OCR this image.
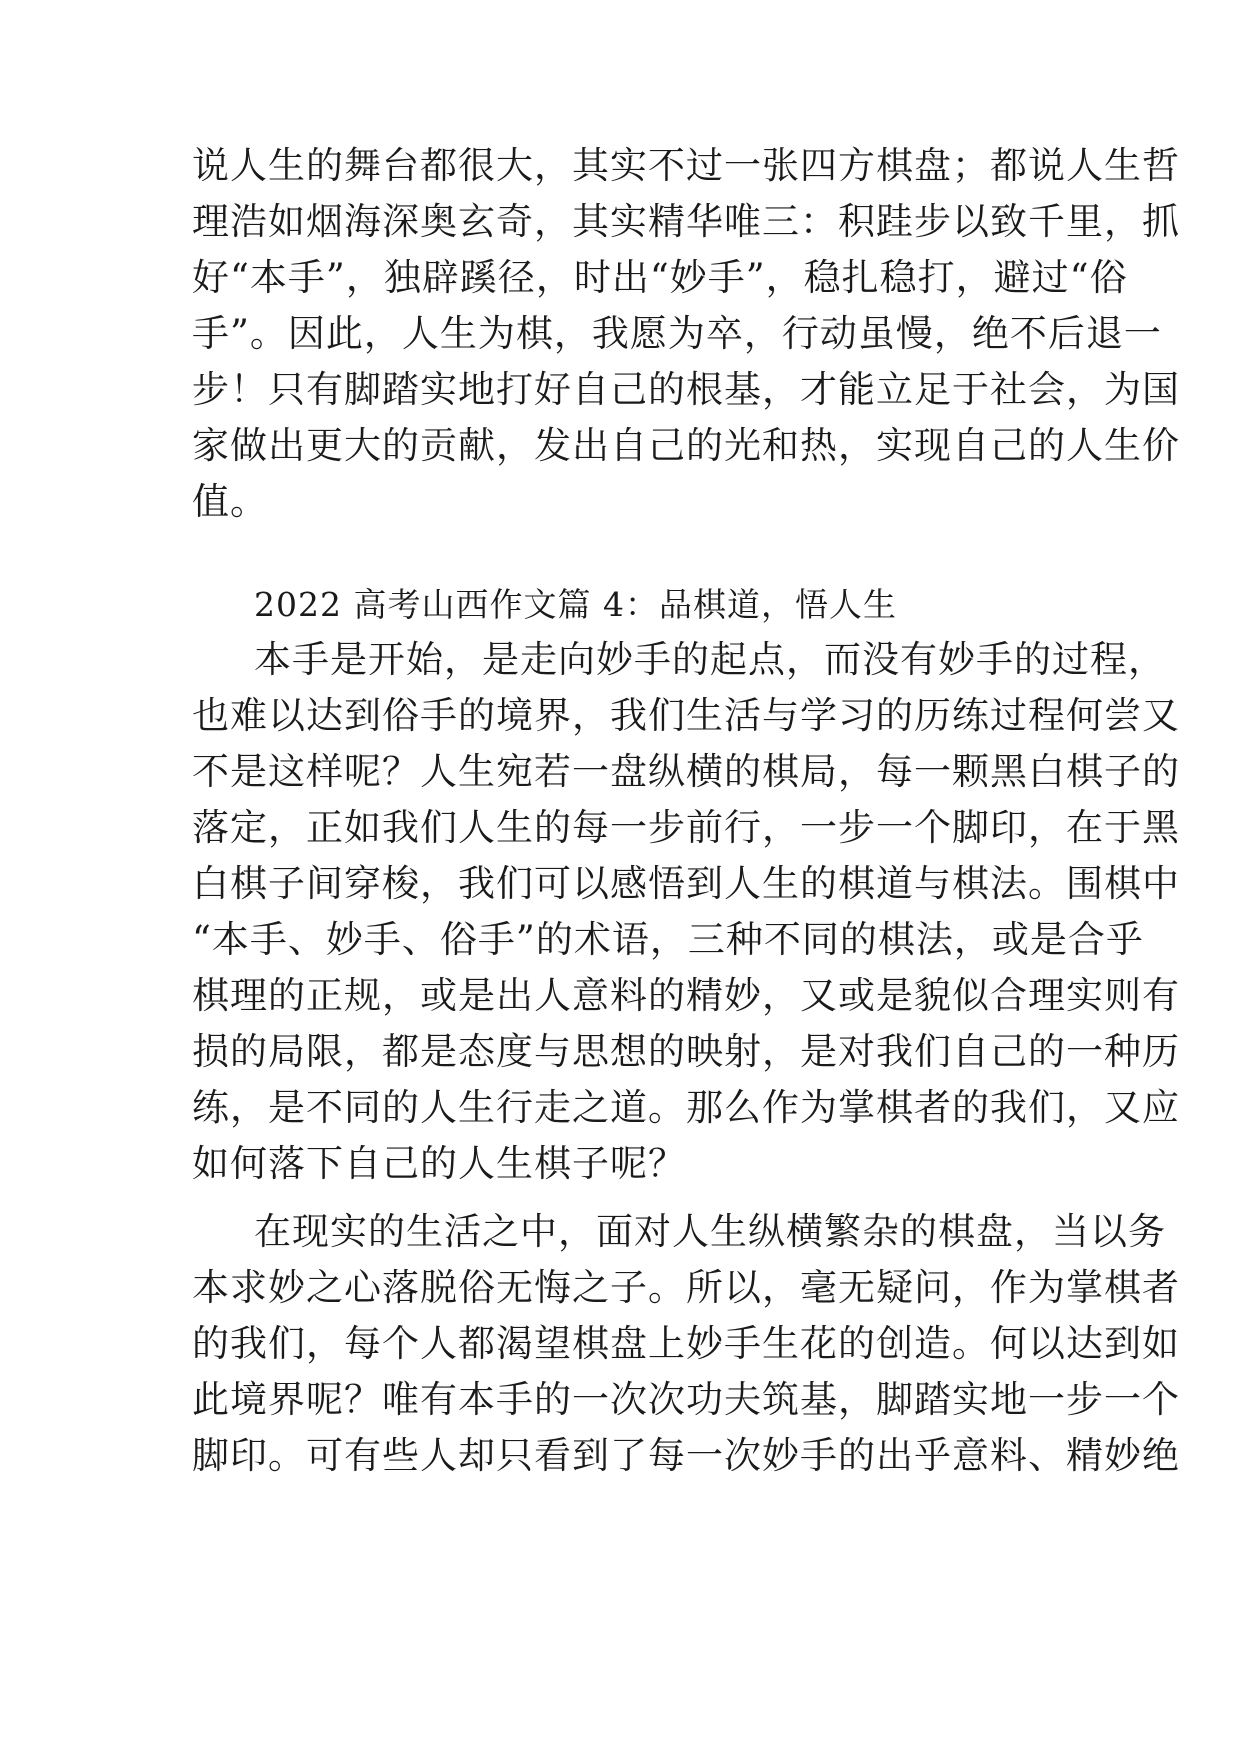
说人生的舞台都很大，其实不过一张四方棋盘；都说人生哲
理浩如烟海深奥玄奇，其实精华唯三：积跬步以致千里，抓
好“本手”，独辟蹊径，时出“妙手”，稳扎稳打，避过“俗
手”。因此，人生为棋，我愿为卒，行动虽慢，绝不后退一
步！只有脚踏实地打好自己的根基，才能立足于社会，为国
家做出更大的贡献，发出自己的光和热，实现自己的人生价
值。
2022 高考山西作文篇 4：品棋道，悟人生
本手是开始，是走向妙手的起点，而没有妙手的过程，
也难以达到俗手的境界，我们生活与学习的历练过程何尝又
不是这样呢？人生宛若一盘纵横的棋局，每一颗黑白棋子的
落定，正如我们人生的每一步前行，一步一个脚印，在于黑
白棋子间穿梭，我们可以感悟到人生的棋道与棋法。围棋中
“本手、妙手、俗手”的术语，三种不同的棋法，或是合乎
棋理的正规，或是出人意料的精妙，又或是貌似合理实则有
损的局限，都是态度与思想的映射，是对我们自己的一种历
练，是不同的人生行走之道。那么作为掌棋者的我们，又应
如何落下自己的人生棋子呢？
在现实的生活之中，面对人生纵横繁杂的棋盘，当以务
本求妙之心落脱俗无悔之子。所以，毫无疑问，作为掌棋者
的我们，每个人都渴望棋盘上妙手生花的创造。何以达到如
此境界呢？唯有本手的一次次功夫筑基，脚踏实地一步一个
脚印。可有些人却只看到了每一次妙手的出乎意料、精妙绝
